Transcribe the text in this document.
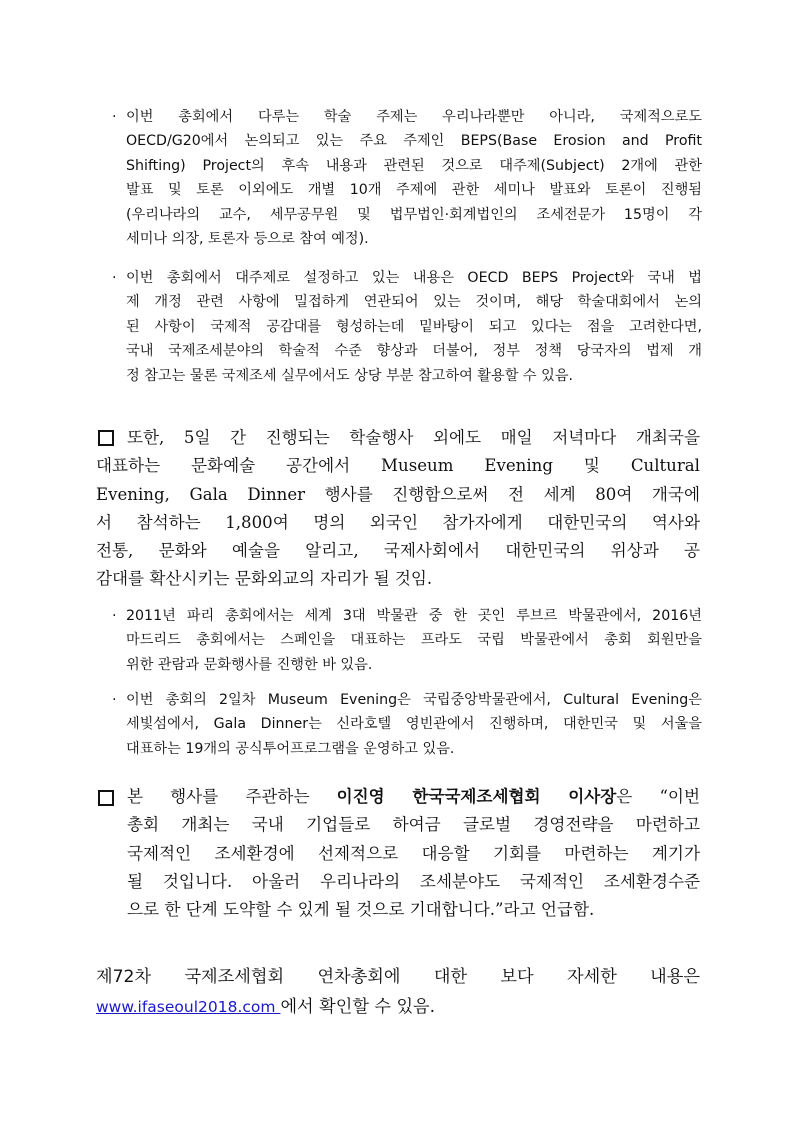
· 이번 총회에서 다루는 학술 주제는 우리나라뿐만 아니라, 국제적으로도
OECD/G20에서 논의되고 있는 주요 주제인 BEPS(Base Erosion and Profit
Shifting) Project의 후속 내용과 관련된 것으로 대주제(Subject) 2개에 관한
발표 및 토론 이외에도 개별 10개 주제에 관한 세미나 발표와 토론이 진행됨
(우리나라의 교수, 세무공무원 및 법무법인·회계법인의 조세전문가 15명이 각
세미나 의장, 토론자 등으로 참여 예정).
· 이번 총회에서 대주제로 설정하고 있는 내용은 OECD BEPS Project와 국내 법
제 개정 관련 사항에 밀접하게 연관되어 있는 것이며, 해당 학술대회에서 논의
된 사항이 국제적 공감대를 형성하는데 밑바탕이 되고 있다는 점을 고려한다면,
국내 국제조세분야의 학술적 수준 향상과 더불어, 정부 정책 당국자의 법제 개
정 참고는 물론 국제조세 실무에서도 상당 부분 참고하여 활용할 수 있음.
또한, 5일 간 진행되는 학술행사 외에도 매일 저녁마다 개최국을
대표하는 문화예술 공간에서 Museum Evening 및 Cultural
Evening, Gala Dinner 행사를 진행함으로써 전 세계 80여 개국에
서 참석하는 1,800여 명의 외국인 참가자에게 대한민국의 역사와
전통, 문화와 예술을 알리고, 국제사회에서 대한민국의 위상과 공
감대를 확산시키는 문화외교의 자리가 될 것임.
· 2011년 파리 총회에서는 세계 3대 박물관 중 한 곳인 루브르 박물관에서, 2016년
마드리드 총회에서는 스페인을 대표하는 프라도 국립 박물관에서 총회 회원만을
위한 관람과 문화행사를 진행한 바 있음.
· 이번 총회의 2일차 Museum Evening은 국립중앙박물관에서, Cultural Evening은
세빛섬에서, Gala Dinner는 신라호텔 영빈관에서 진행하며, 대한민국 및 서울을
대표하는 19개의 공식투어프로그램을 운영하고 있음.
본 행사를 주관하는 이진영 한국국제조세협회 이사장은 “이번
총회 개최는 국내 기업들로 하여금 글로벌 경영전략을 마련하고
국제적인 조세환경에 선제적으로 대응할 기회를 마련하는 계기가
될 것입니다. 아울러 우리나라의 조세분야도 국제적인 조세환경수준
으로 한 단계 도약할 수 있게 될 것으로 기대합니다.”라고 언급함.
제72차 국제조세협회 연차총회에 대한 보다 자세한 내용은
www.ifaseoul2018.com 에서 확인할 수 있음.
